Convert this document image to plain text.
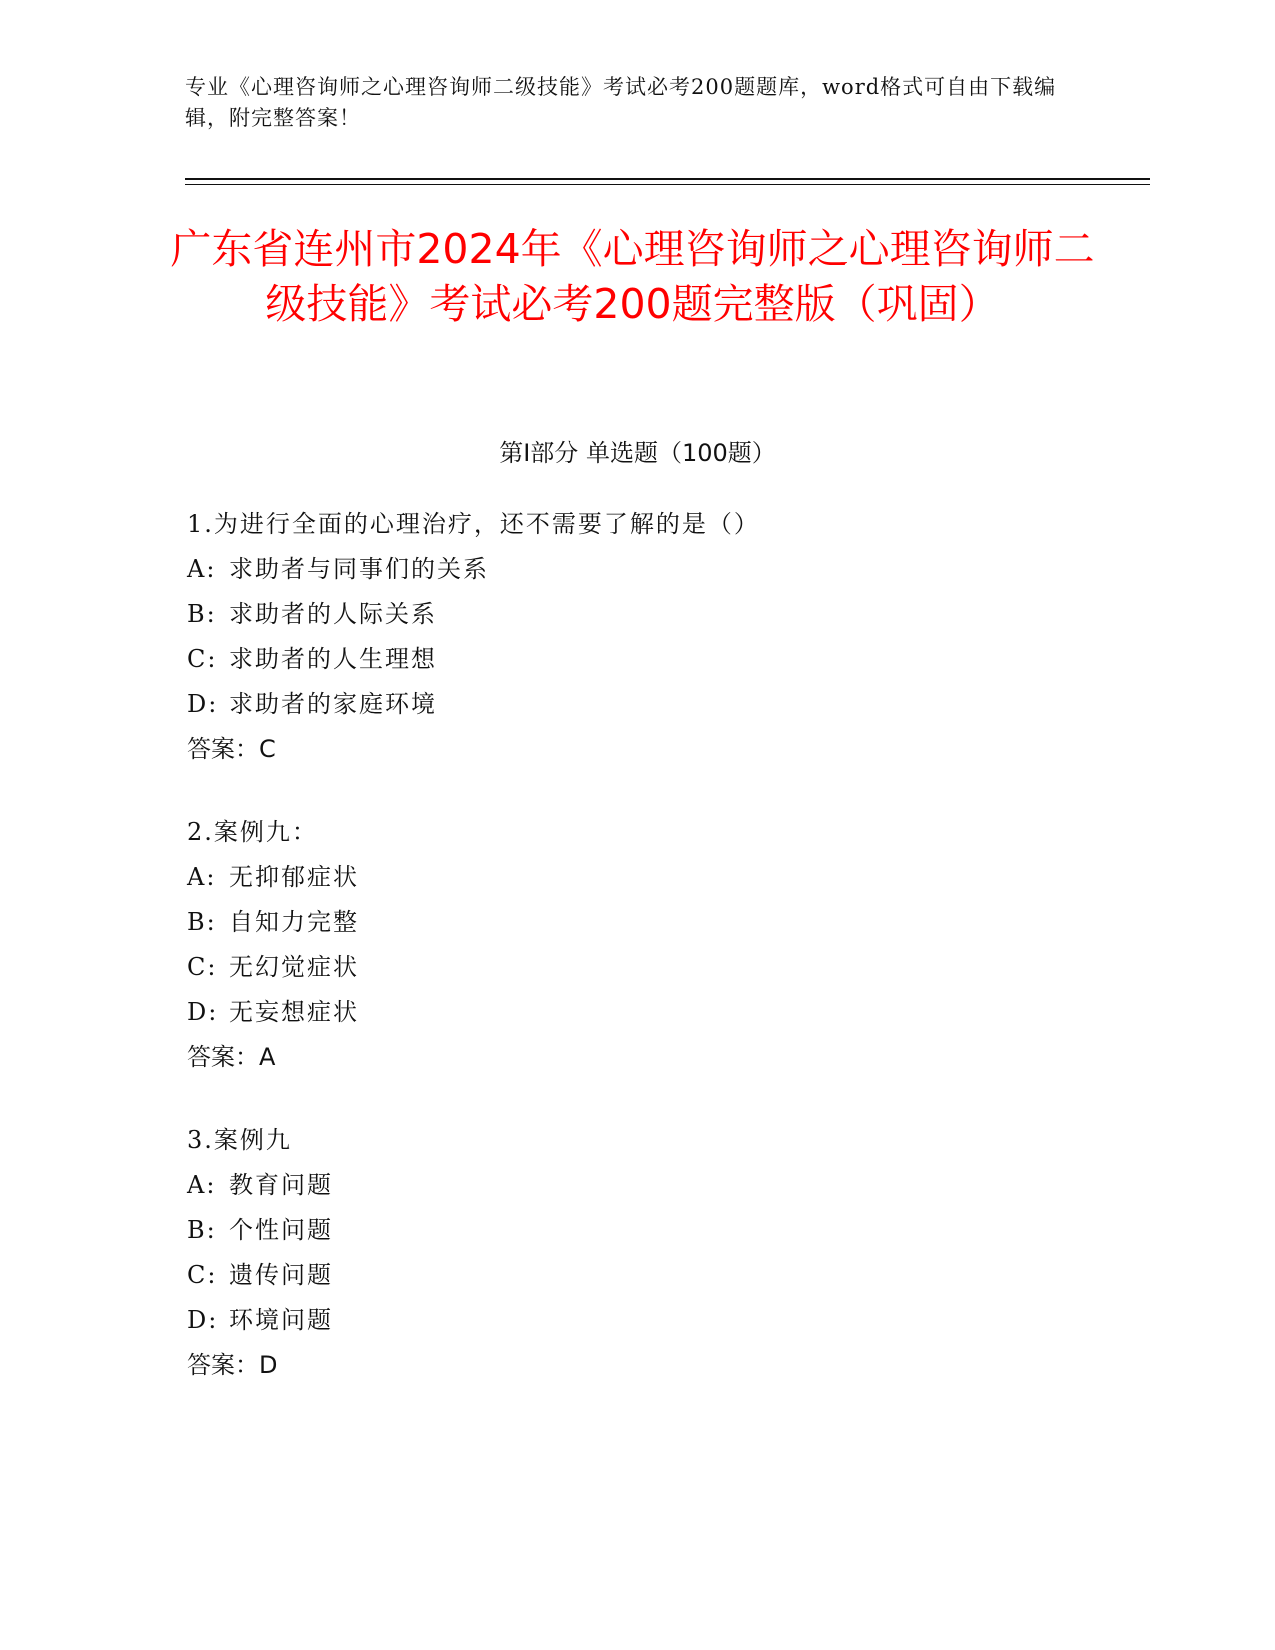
专业《心理咨询师之心理咨询师二级技能》考试必考200题题库，word格式可自由下载编辑，附完整答案！

广东省连州市2024年《心理咨询师之心理咨询师二级技能》考试必考200题完整版（巩固）
第I部分 单选题（100题）
1.为进行全面的心理治疗，还不需要了解的是（）
A: 求助者与同事们的关系
B: 求助者的人际关系
C: 求助者的人生理想
D: 求助者的家庭环境
答案：C
2.案例九：
A: 无抑郁症状
B: 自知力完整
C: 无幻觉症状
D: 无妄想症状
答案：A
3.案例九
A: 教育问题
B: 个性问题
C: 遗传问题
D: 环境问题
答案：D
